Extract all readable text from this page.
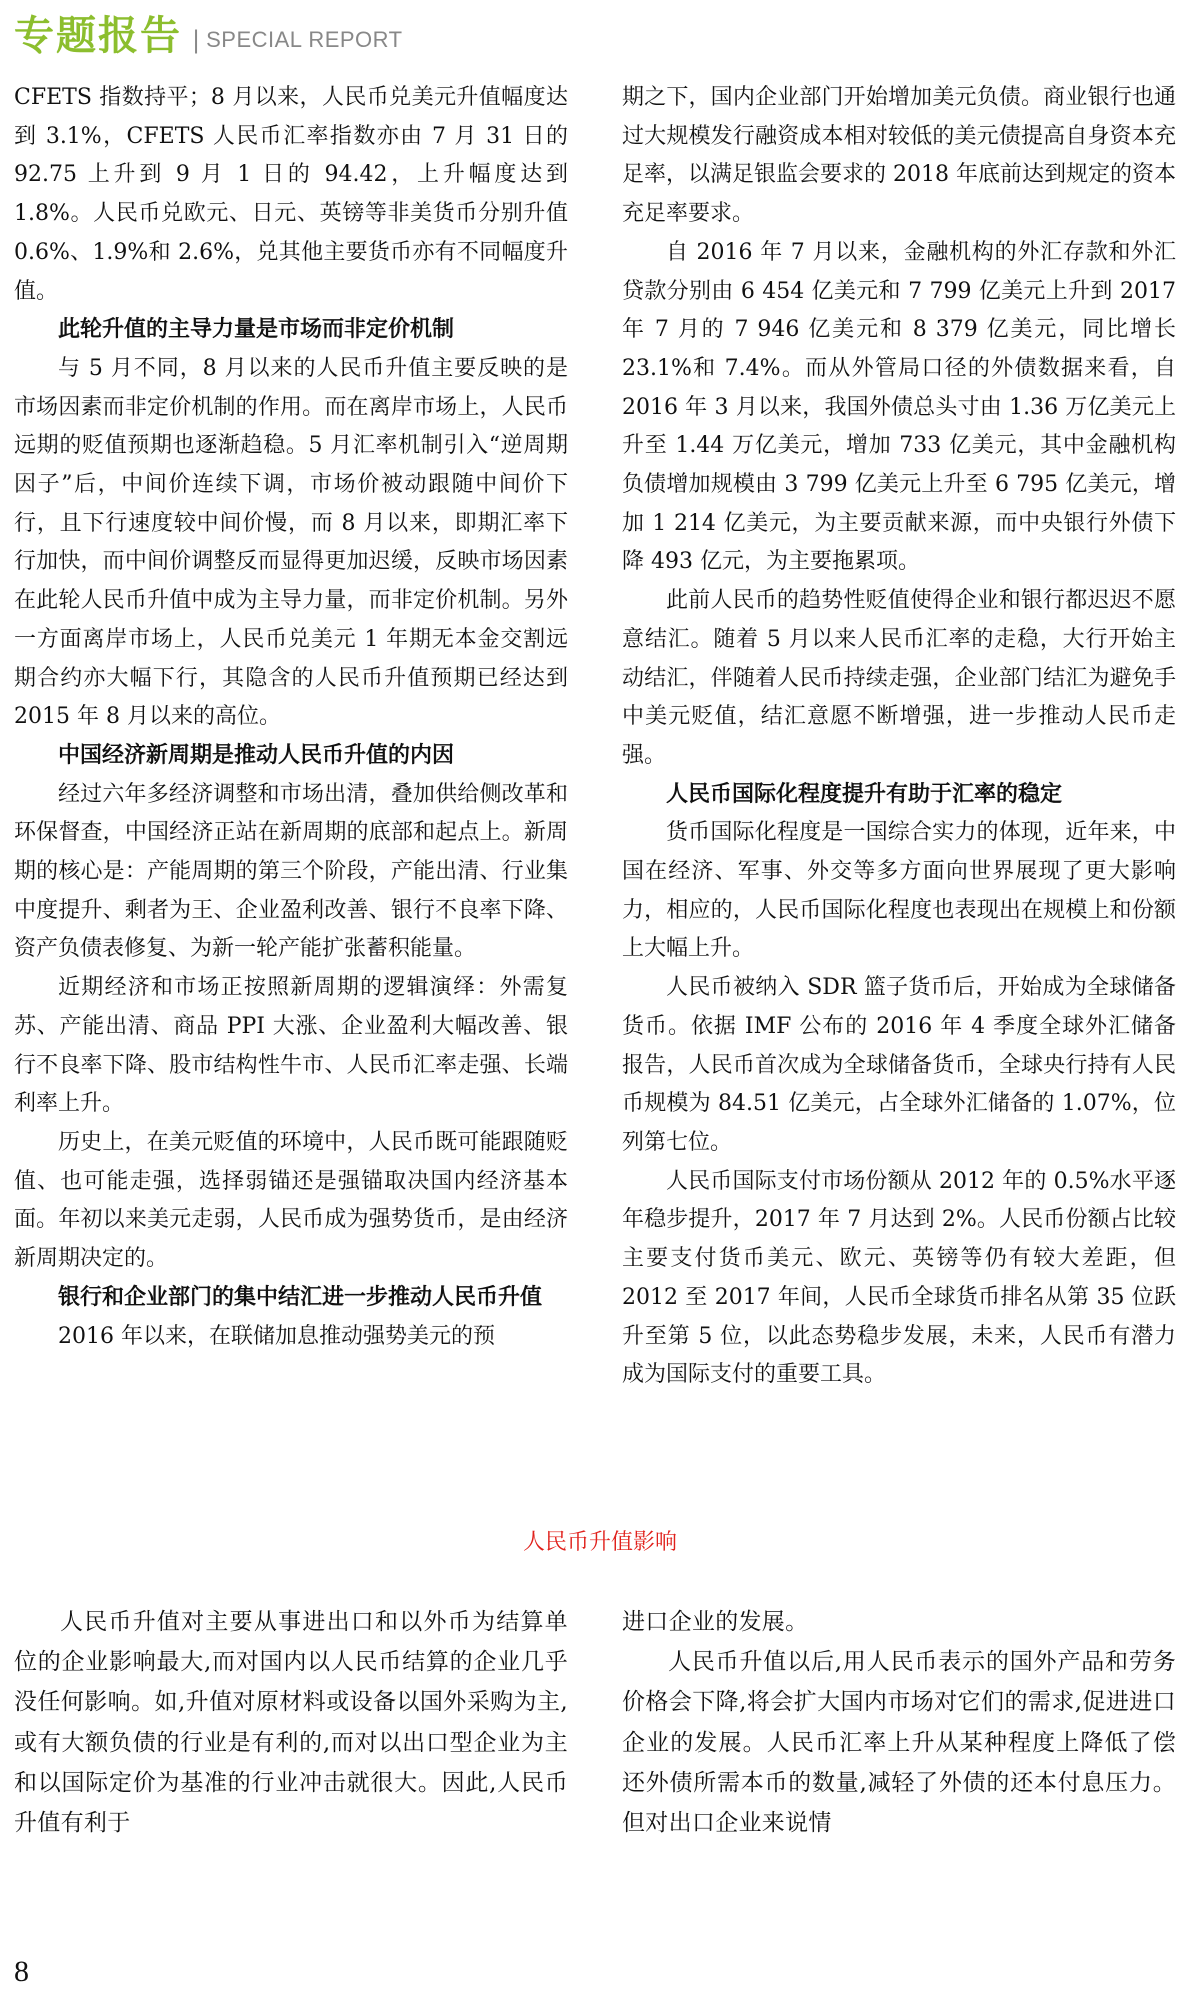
专题报告 | SPECIAL REPORT

CFETS 指数持平；8 月以来，人民币兑美元升值幅度达到 3.1%，CFETS 人民币汇率指数亦由 7 月 31 日的 92.75 上升到 9 月 1 日的 94.42，上升幅度达到 1.8%。人民币兑欧元、日元、英镑等非美货币分别升值 0.6%、1.9%和 2.6%，兑其他主要货币亦有不同幅度升值。

此轮升值的主导力量是市场而非定价机制

与 5 月不同，8 月以来的人民币升值主要反映的是市场因素而非定价机制的作用。而在离岸市场上，人民币远期的贬值预期也逐渐趋稳。5 月汇率机制引入“逆周期因子”后，中间价连续下调，市场价被动跟随中间价下行，且下行速度较中间价慢，而 8 月以来，即期汇率下行加快，而中间价调整反而显得更加迟缓，反映市场因素在此轮人民币升值中成为主导力量，而非定价机制。另外一方面离岸市场上，人民币兑美元 1 年期无本金交割远期合约亦大幅下行，其隐含的人民币升值预期已经达到 2015 年 8 月以来的高位。

中国经济新周期是推动人民币升值的内因

经过六年多经济调整和市场出清，叠加供给侧改革和环保督查，中国经济正站在新周期的底部和起点上。新周期的核心是：产能周期的第三个阶段，产能出清、行业集中度提升、剩者为王、企业盈利改善、银行不良率下降、资产负债表修复、为新一轮产能扩张蓄积能量。

近期经济和市场正按照新周期的逻辑演绎：外需复苏、产能出清、商品 PPI 大涨、企业盈利大幅改善、银行不良率下降、股市结构性牛市、人民币汇率走强、长端利率上升。

历史上，在美元贬值的环境中，人民币既可能跟随贬值、也可能走强，选择弱锚还是强锚取决国内经济基本面。年初以来美元走弱，人民币成为强势货币，是由经济新周期决定的。

银行和企业部门的集中结汇进一步推动人民币升值

2016 年以来，在联储加息推动强势美元的预

期之下，国内企业部门开始增加美元负债。商业银行也通过大规模发行融资成本相对较低的美元债提高自身资本充足率，以满足银监会要求的 2018 年底前达到规定的资本充足率要求。

自 2016 年 7 月以来，金融机构的外汇存款和外汇贷款分别由 6 454 亿美元和 7 799 亿美元上升到 2017 年 7 月的 7 946 亿美元和 8 379 亿美元，同比增长 23.1%和 7.4%。而从外管局口径的外债数据来看，自 2016 年 3 月以来，我国外债总头寸由 1.36 万亿美元上升至 1.44 万亿美元，增加 733 亿美元，其中金融机构负债增加规模由 3 799 亿美元上升至 6 795 亿美元，增加 1 214 亿美元，为主要贡献来源，而中央银行外债下降 493 亿元，为主要拖累项。

此前人民币的趋势性贬值使得企业和银行都迟迟不愿意结汇。随着 5 月以来人民币汇率的走稳，大行开始主动结汇，伴随着人民币持续走强，企业部门结汇为避免手中美元贬值，结汇意愿不断增强，进一步推动人民币走强。

人民币国际化程度提升有助于汇率的稳定

货币国际化程度是一国综合实力的体现，近年来，中国在经济、军事、外交等多方面向世界展现了更大影响力，相应的，人民币国际化程度也表现出在规模上和份额上大幅上升。

人民币被纳入 SDR 篮子货币后，开始成为全球储备货币。依据 IMF 公布的 2016 年 4 季度全球外汇储备报告，人民币首次成为全球储备货币，全球央行持有人民币规模为 84.51 亿美元，占全球外汇储备的 1.07%，位列第七位。

人民币国际支付市场份额从 2012 年的 0.5%水平逐年稳步提升，2017 年 7 月达到 2%。人民币份额占比较主要支付货币美元、欧元、英镑等仍有较大差距，但 2012 至 2017 年间，人民币全球货币排名从第 35 位跃升至第 5 位，以此态势稳步发展，未来，人民币有潜力成为国际支付的重要工具。

人民币升值影响

人民币升值对主要从事进出口和以外币为结算单位的企业影响最大,而对国内以人民币结算的企业几乎没任何影响。如,升值对原材料或设备以国外采购为主,或有大额负债的行业是有利的,而对以出口型企业为主和以国际定价为基准的行业冲击就很大。因此,人民币升值有利于

进口企业的发展。

人民币升值以后,用人民币表示的国外产品和劳务价格会下降,将会扩大国内市场对它们的需求,促进进口企业的发展。人民币汇率上升从某种程度上降低了偿还外债所需本币的数量,减轻了外债的还本付息压力。但对出口企业来说情

8
